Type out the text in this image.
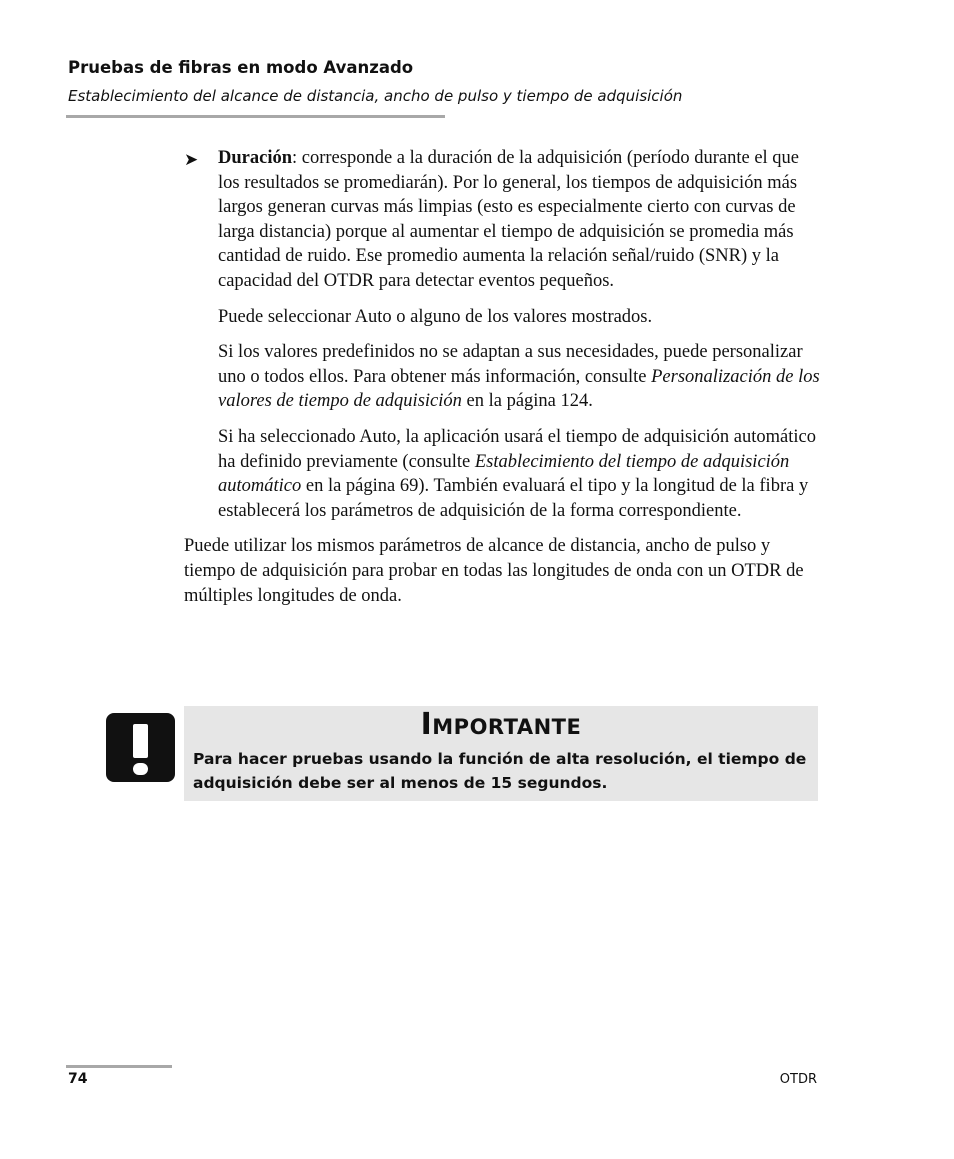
Pruebas de fibras en modo Avanzado
Establecimiento del alcance de distancia, ancho de pulso y tiempo de adquisición
➤ Duración: corresponde a la duración de la adquisición (período durante el que los resultados se promediarán). Por lo general, los tiempos de adquisición más largos generan curvas más limpias (esto es especialmente cierto con curvas de larga distancia) porque al aumentar el tiempo de adquisición se promedia más cantidad de ruido. Ese promedio aumenta la relación señal/ruido (SNR) y la capacidad del OTDR para detectar eventos pequeños.
Puede seleccionar Auto o alguno de los valores mostrados.
Si los valores predefinidos no se adaptan a sus necesidades, puede personalizar uno o todos ellos. Para obtener más información, consulte Personalización de los valores de tiempo de adquisición en la página 124.
Si ha seleccionado Auto, la aplicación usará el tiempo de adquisición automático ha definido previamente (consulte Establecimiento del tiempo de adquisición automático en la página 69). También evaluará el tipo y la longitud de la fibra y establecerá los parámetros de adquisición de la forma correspondiente.
Puede utilizar los mismos parámetros de alcance de distancia, ancho de pulso y tiempo de adquisición para probar en todas las longitudes de onda con un OTDR de múltiples longitudes de onda.
Importante
Para hacer pruebas usando la función de alta resolución, el tiempo de adquisición debe ser al menos de 15 segundos.
74	OTDR
